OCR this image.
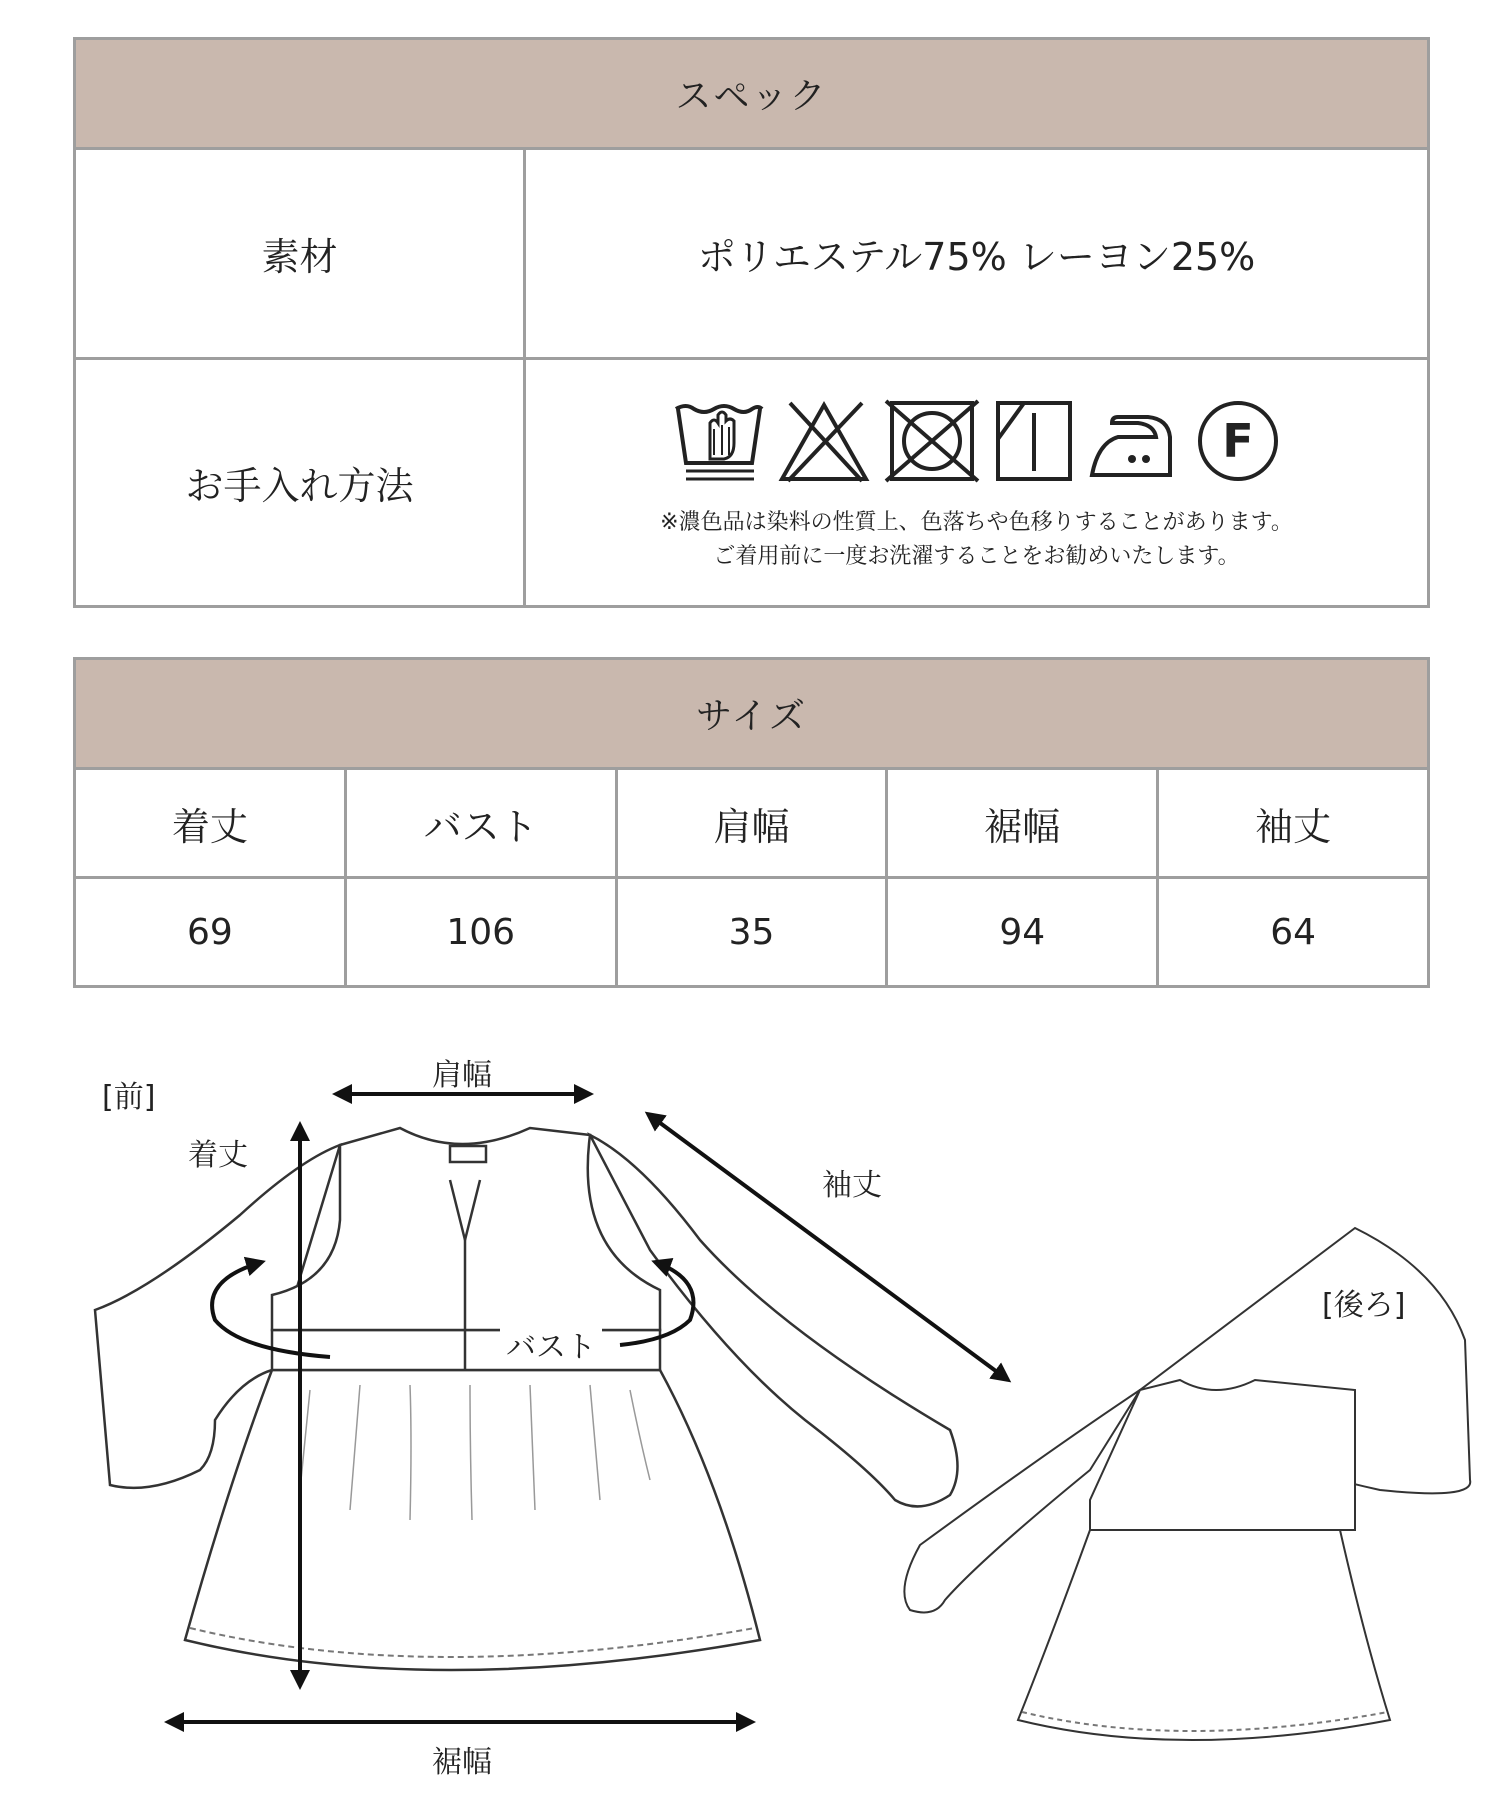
スペック	
素材	ポリエステル75% レーヨン25%
お手入れ方法	F
※濃色品は染料の性質上、色落ちや色移りすることがあります。
ご着用前に一度お洗濯することをお勧めいたします。
サイズ				
着丈	バスト	肩幅	裾幅	袖丈
69	106	35	94	64
[前]
[後ろ]
着丈
肩幅
袖丈
バスト
裾幅
